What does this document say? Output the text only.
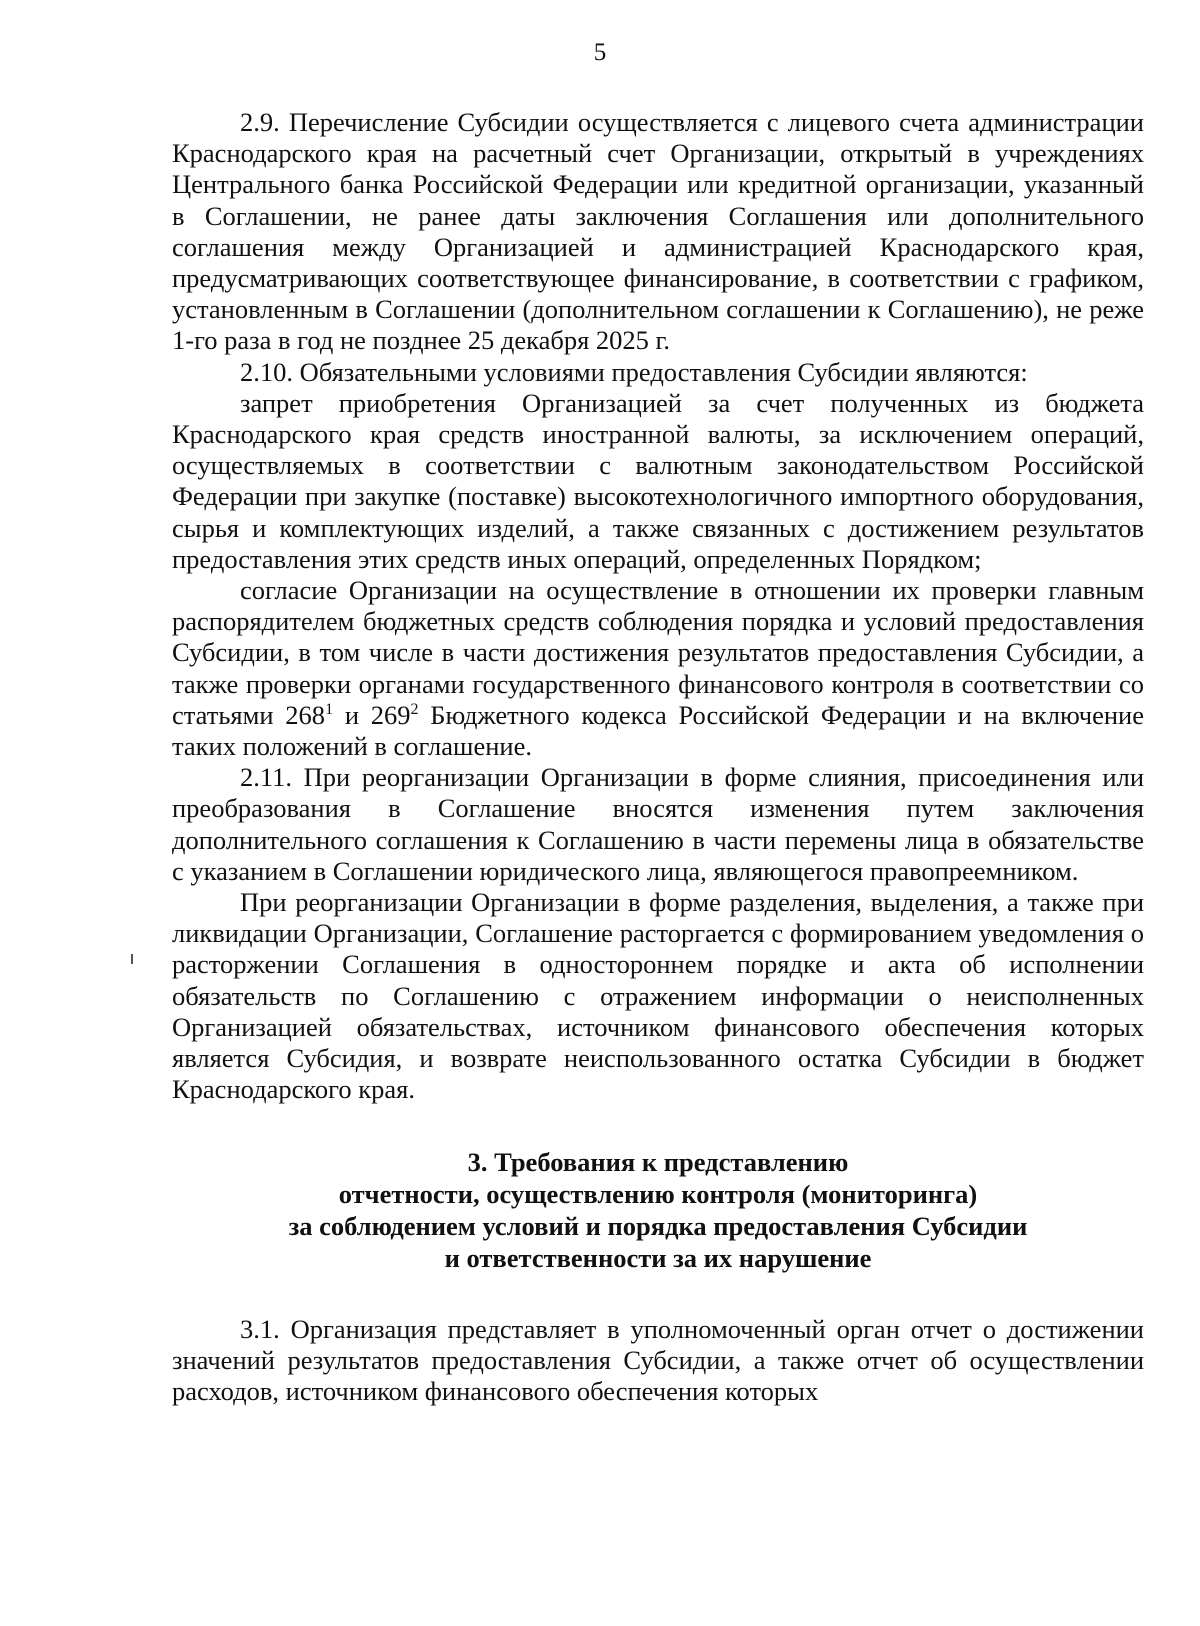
5

2.9. Перечисление Субсидии осуществляется с лицевого счета администрации Краснодарского края на расчетный счет Организации, открытый в учреждениях Центрального банка Российской Федерации или кредитной организации, указанный в Соглашении, не ранее даты заключения Соглашения или дополнительного соглашения между Организацией и администрацией Краснодарского края, предусматривающих соответствующее финансирование, в соответствии с графиком, установленным в Соглашении (дополнительном соглашении к Соглашению), не реже 1-го раза в год не позднее 25 декабря 2025 г.

2.10. Обязательными условиями предоставления Субсидии являются:

запрет приобретения Организацией за счет полученных из бюджета Краснодарского края средств иностранной валюты, за исключением операций, осуществляемых в соответствии с валютным законодательством Российской Федерации при закупке (поставке) высокотехнологичного импортного оборудования, сырья и комплектующих изделий, а также связанных с достижением результатов предоставления этих средств иных операций, определенных Порядком;

согласие Организации на осуществление в отношении их проверки главным распорядителем бюджетных средств соблюдения порядка и условий предоставления Субсидии, в том числе в части достижения результатов предоставления Субсидии, а также проверки органами государственного финансового контроля в соответствии со статьями $268^1$ и $269^2$ Бюджетного кодекса Российской Федерации и на включение таких положений в соглашение.

2.11. При реорганизации Организации в форме слияния, присоединения или преобразования в Соглашение вносятся изменения путем заключения дополнительного соглашения к Соглашению в части перемены лица в обязательстве с указанием в Соглашении юридического лица, являющегося правопреемником.

При реорганизации Организации в форме разделения, выделения, а также при ликвидации Организации, Соглашение расторгается с формированием уведомления о расторжении Соглашения в одностороннем порядке и акта об исполнении обязательств по Соглашению с отражением информации о неисполненных Организацией обязательствах, источником финансового обеспечения которых является Субсидия, и возврате неиспользованного остатка Субсидии в бюджет Краснодарского края.

3. Требования к представлению
отчетности, осуществлению контроля (мониторинга)
за соблюдением условий и порядка предоставления Субсидии
и ответственности за их нарушение

3.1. Организация представляет в уполномоченный орган отчет о достижении значений результатов предоставления Субсидии, а также отчет об осуществлении расходов, источником финансового обеспечения которых
